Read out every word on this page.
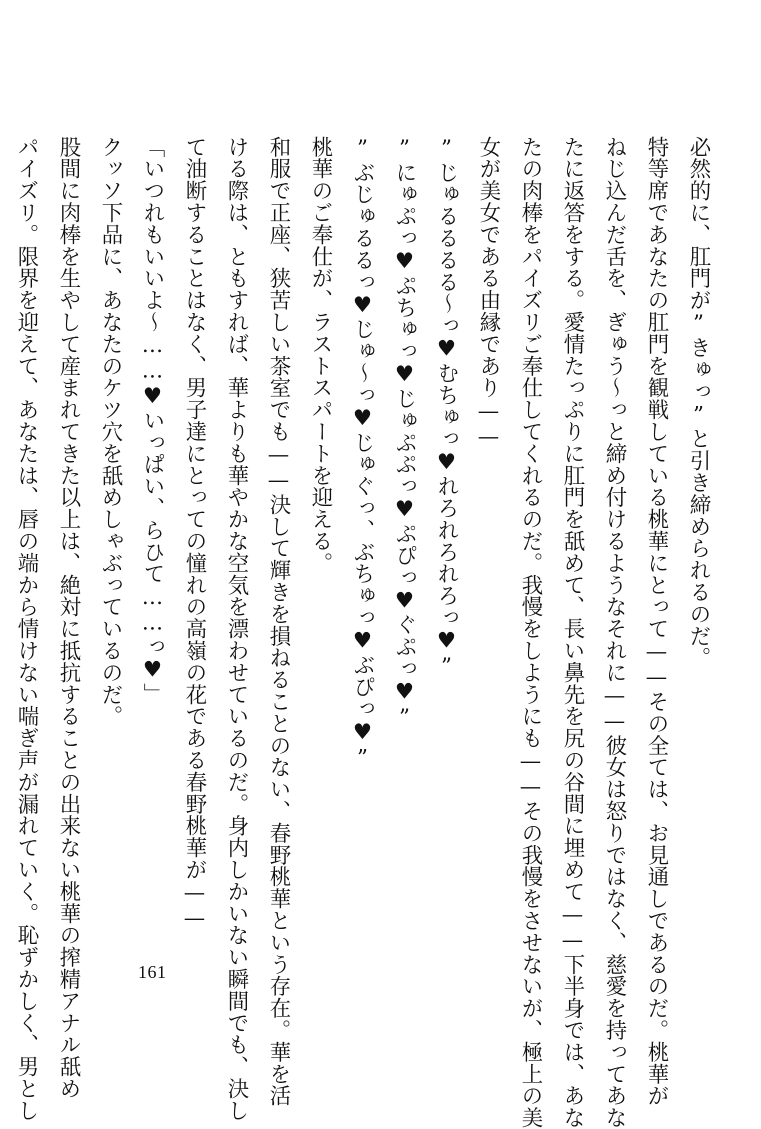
必然的に、肛門が”きゅっ”と引き締められるのだ。

特等席であなたの肛門を観戦している桃華にとって——その全ては、お見通しであるのだ。桃華が

ねじ込んだ舌を、ぎゅう〜っと締め付けるようなそれに——彼女は怒りではなく、慈愛を持ってあな

たに返答をする。愛情たっぷりに肛門を舐めて、長い鼻先を尻の谷間に埋めて——下半身では、あな

たの肉棒をパイズリご奉仕してくれるのだ。我慢をしようにも——その我慢をさせないが、極上の美

女が美女である由縁であり——

”じゅるるるる〜っ♥むちゅっ♥れろれろれろっ♥”

”にゅぷっ♥ぷちゅっ♥じゅぷぷっ♥ぷぴっ♥ぐぷっ♥”

”ぶじゅるるっ♥じゅ〜っ♥じゅぐっ、ぶちゅっ♥ぶぴっ♥”

桃華のご奉仕が、ラストスパートを迎える。

和服で正座、狭苦しい茶室でも——決して輝きを損ねることのない、春野桃華という存在。華を活

ける際は、ともすれば、華よりも華やかな空気を漂わせているのだ。身内しかいない瞬間でも、決し

て油断することはなく、男子達にとっての憧れの高嶺の花である春野桃華が——

「いつれもいいよ〜……♥いっぱい、らひて……っ♥」

クッソ下品に、あなたのケツ穴を舐めしゃぶっているのだ。

股間に肉棒を生やして産まれてきた以上は、絶対に抵抗することの出来ない桃華の搾精アナル舐め

パイズリ。限界を迎えて、あなたは、唇の端から情けない喘ぎ声が漏れていく。恥ずかしく、男とし	161
